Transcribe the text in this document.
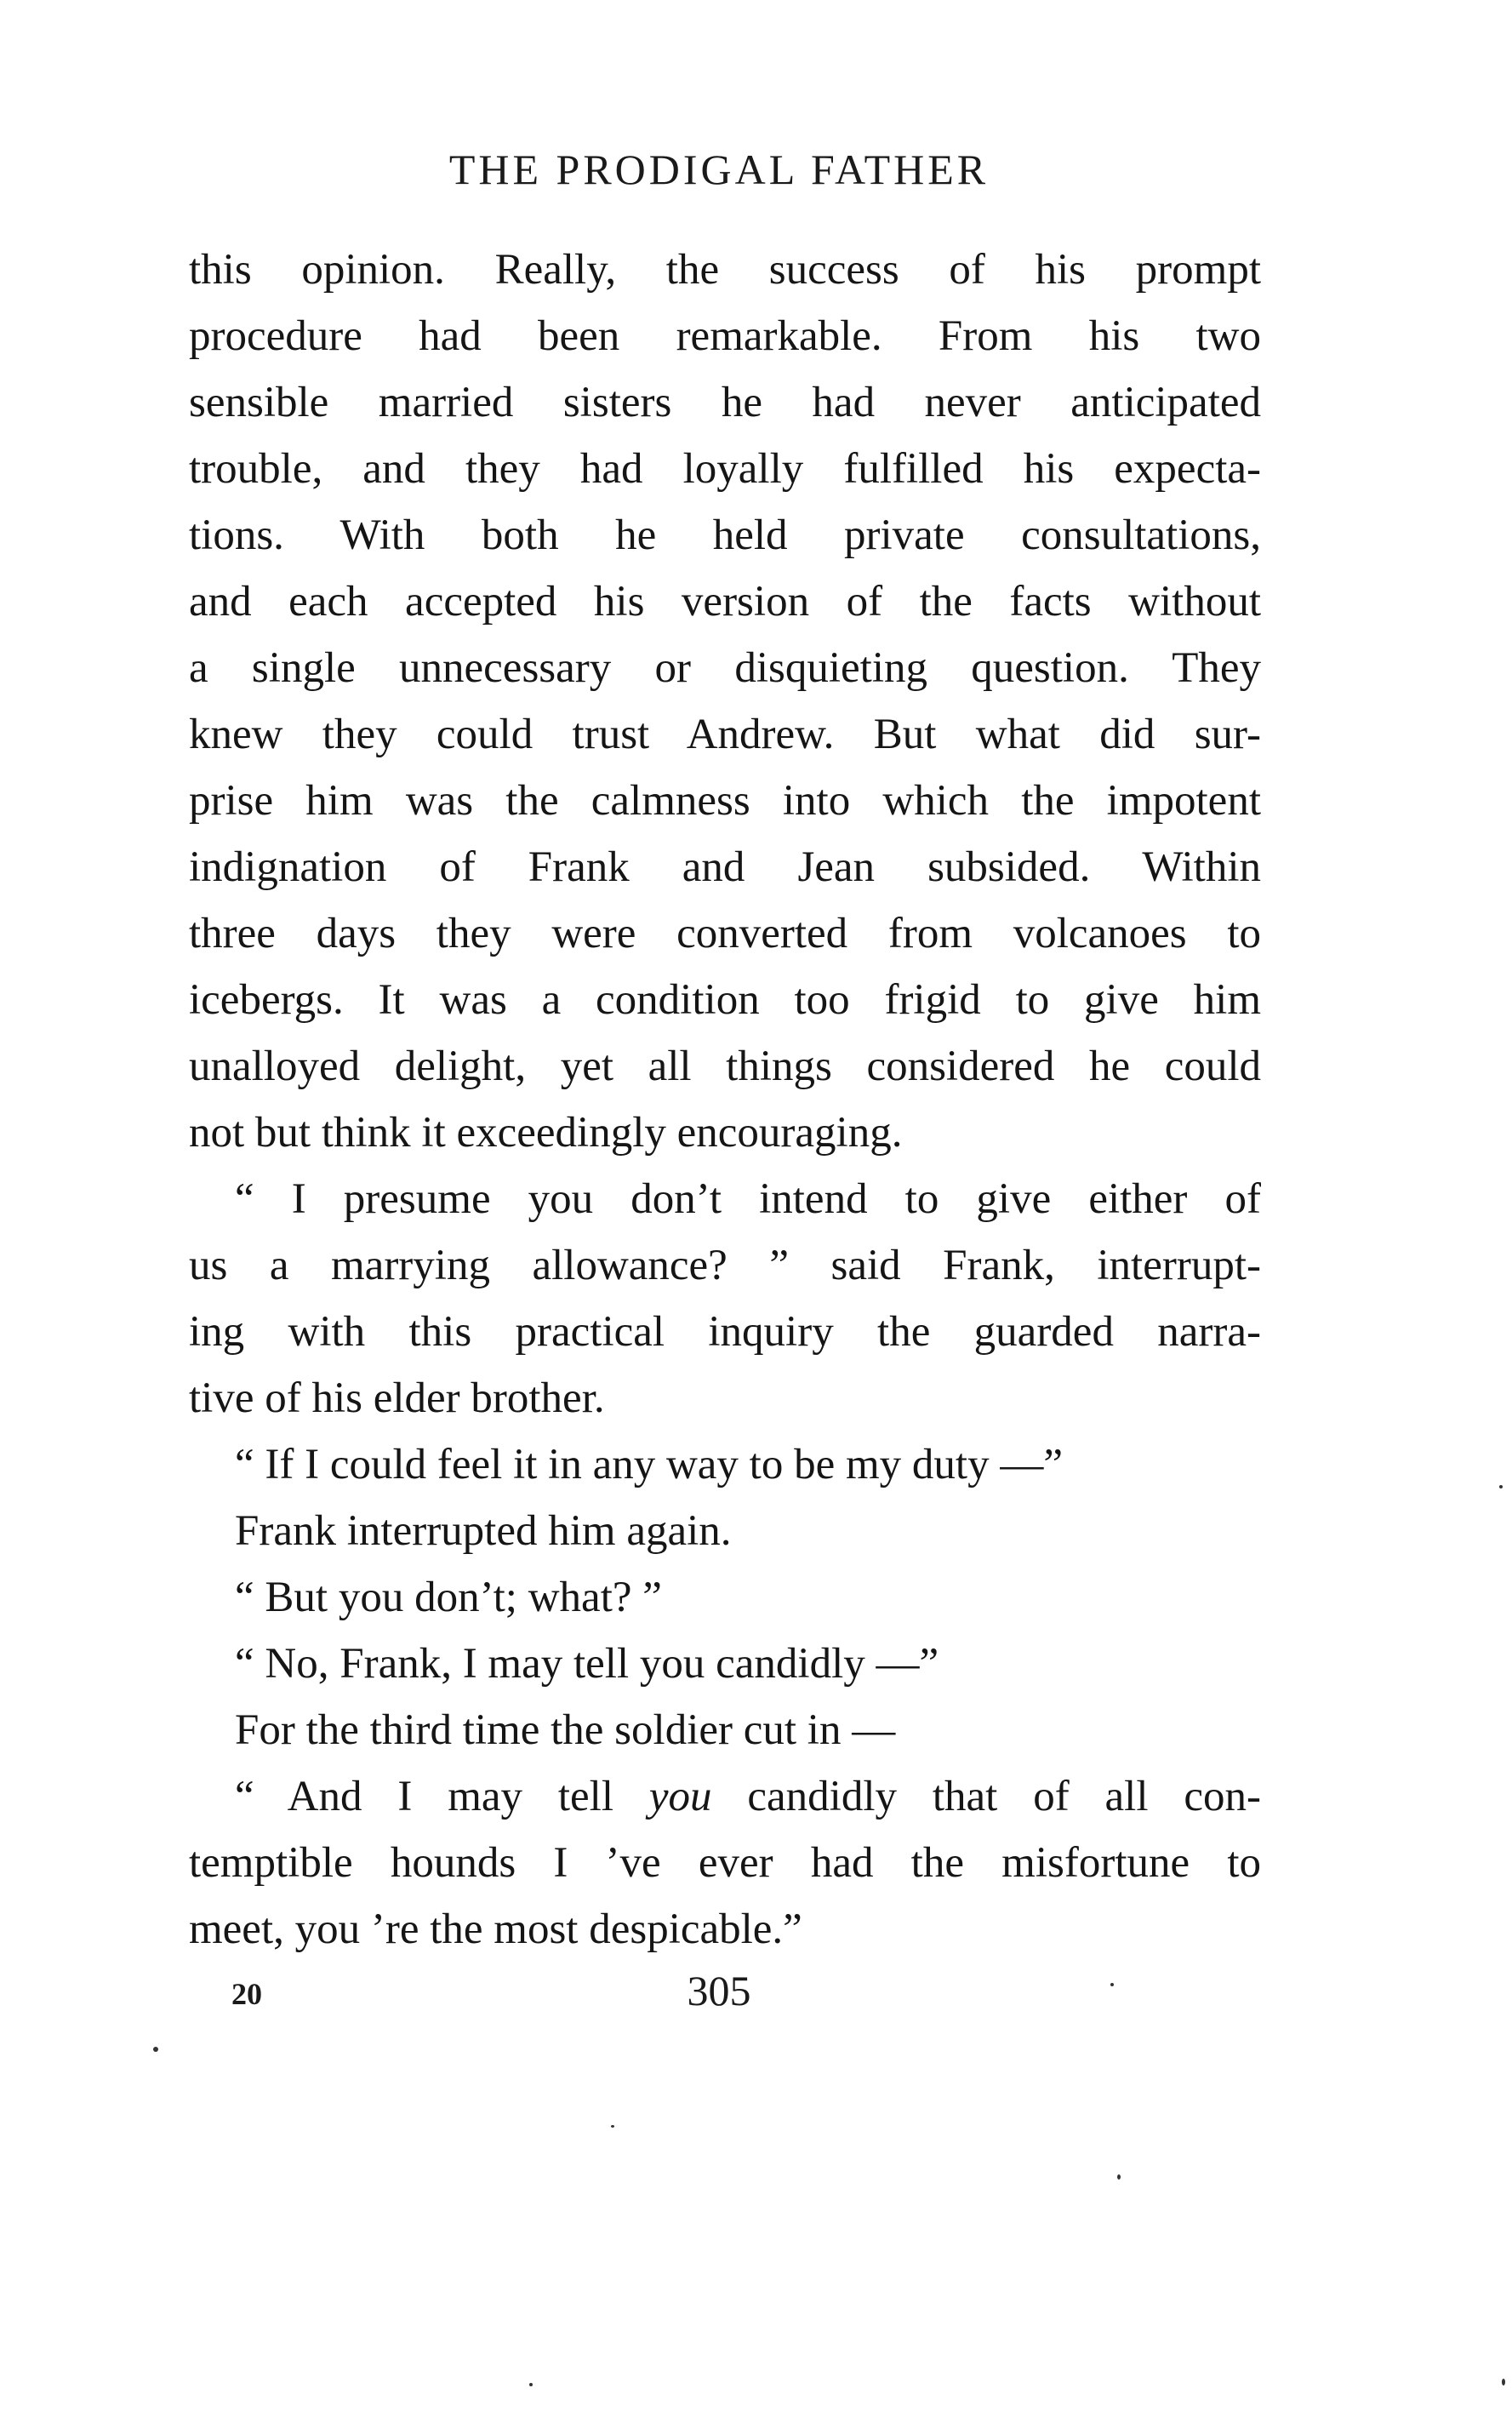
THE PRODIGAL FATHER
this opinion. Really, the success of his prompt
procedure had been remarkable. From his two
sensible married sisters he had never anticipated
trouble, and they had loyally fulfilled his expecta-
tions. With both he held private consultations,
and each accepted his version of the facts without
a single unnecessary or disquieting question. They
knew they could trust Andrew. But what did sur-
prise him was the calmness into which the impotent
indignation of Frank and Jean subsided. Within
three days they were converted from volcanoes to
icebergs. It was a condition too frigid to give him
unalloyed delight, yet all things considered he could
not but think it exceedingly encouraging.
“ I presume you don’t intend to give either of
us a marrying allowance? ” said Frank, interrupt-
ing with this practical inquiry the guarded narra-
tive of his elder brother.
“ If I could feel it in any way to be my duty —”
Frank interrupted him again.
“ But you don’t; what? ”
“ No, Frank, I may tell you candidly —”
For the third time the soldier cut in —
“ And I may tell you candidly that of all con-
temptible hounds I ’ve ever had the misfortune to
meet, you ’re the most despicable.”
20	305
